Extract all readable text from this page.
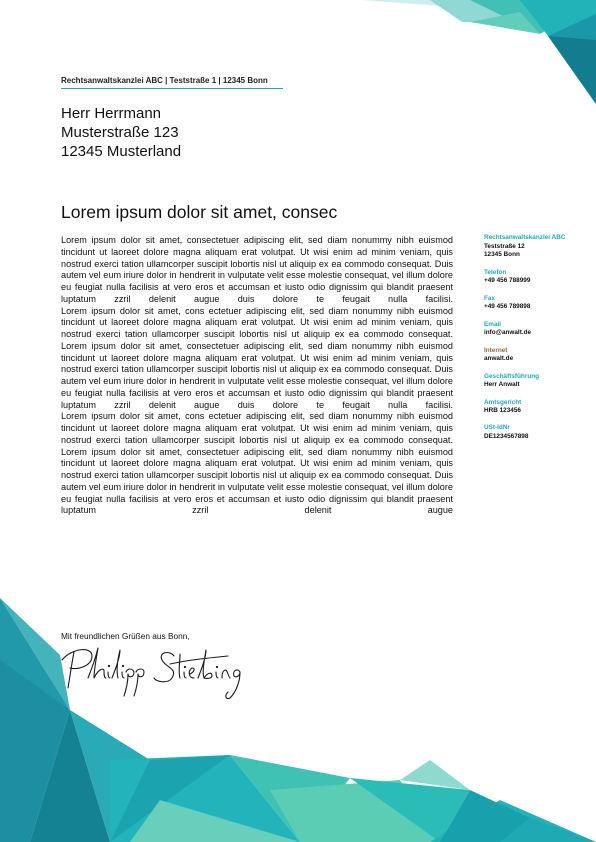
Rechtsanwaltskanzlei ABC | Teststraße 1 | 12345 Bonn
Herr Herrmann
Musterstraße 123
12345 Musterland
Lorem ipsum dolor sit amet, consec

Lorem ipsum dolor sit amet, consectetuer adipiscing elit, sed diam nonummy nibh euismod tincidunt ut laoreet dolore magna aliquam erat volutpat. Ut wisi enim ad minim veniam, quis nostrud exerci tation ullamcorper suscipit lobortis nisl ut aliquip ex ea commodo consequat. Duis autem vel eum iriure dolor in hendrerit in vulputate velit esse molestie consequat, vel illum dolore eu feugiat nulla facilisis at vero eros et accumsan et iusto odio dignissim qui blandit praesent luptatum zzril delenit augue duis dolore te feugait nulla facilisi.

Lorem ipsum dolor sit amet, cons ectetuer adipiscing elit, sed diam nonummy nibh euismod tincidunt ut laoreet dolore magna aliquam erat volutpat. Ut wisi enim ad minim veniam, quis nostrud exerci tation ullamcorper suscipit lobortis nisl ut aliquip ex ea commodo consequat.

Lorem ipsum dolor sit amet, consectetuer adipiscing elit, sed diam nonummy nibh euismod tincidunt ut laoreet dolore magna aliquam erat volutpat. Ut wisi enim ad minim veniam, quis nostrud exerci tation ullamcorper suscipit lobortis nisl ut aliquip ex ea commodo consequat. Duis autem vel eum iriure dolor in hendrerit in vulputate velit esse molestie consequat, vel illum dolore eu feugiat nulla facilisis at vero eros et accumsan et iusto odio dignissim qui blandit praesent luptatum zzril delenit augue duis dolore te feugait nulla facilisi.

Lorem ipsum dolor sit amet, cons ectetuer adipiscing elit, sed diam nonummy nibh euismod tincidunt ut laoreet dolore magna aliquam erat volutpat. Ut wisi enim ad minim veniam, quis nostrud exerci tation ullamcorper suscipit lobortis nisl ut aliquip ex ea commodo consequat.

Lorem ipsum dolor sit amet, consectetuer adipiscing elit, sed diam nonummy nibh euismod tincidunt ut laoreet dolore magna aliquam erat volutpat. Ut wisi enim ad minim veniam, quis nostrud exerci tation ullamcorper suscipit lobortis nisl ut aliquip ex ea commodo consequat. Duis autem vel eum iriure dolor in hendrerit in vulputate velit esse molestie consequat, vel illum dolore eu feugiat nulla facilisis at vero eros et accumsan et iusto odio dignissim qui blandit praesent luptatum zzril delenit augue

Rechtsanwaltskanzlei ABC
Teststraße 12
12345 Bonn
Telefon
+49 456 788999
Fax
+49 456 789898
Email
info@anwalt.de
Internet
anwalt.de
Geschäftsführung
Herr Anwalt
Amtsgericht
HRB 123456
USt-IdNr
DE1234567898
Mit freundlichen Grüßen aus Bonn,
